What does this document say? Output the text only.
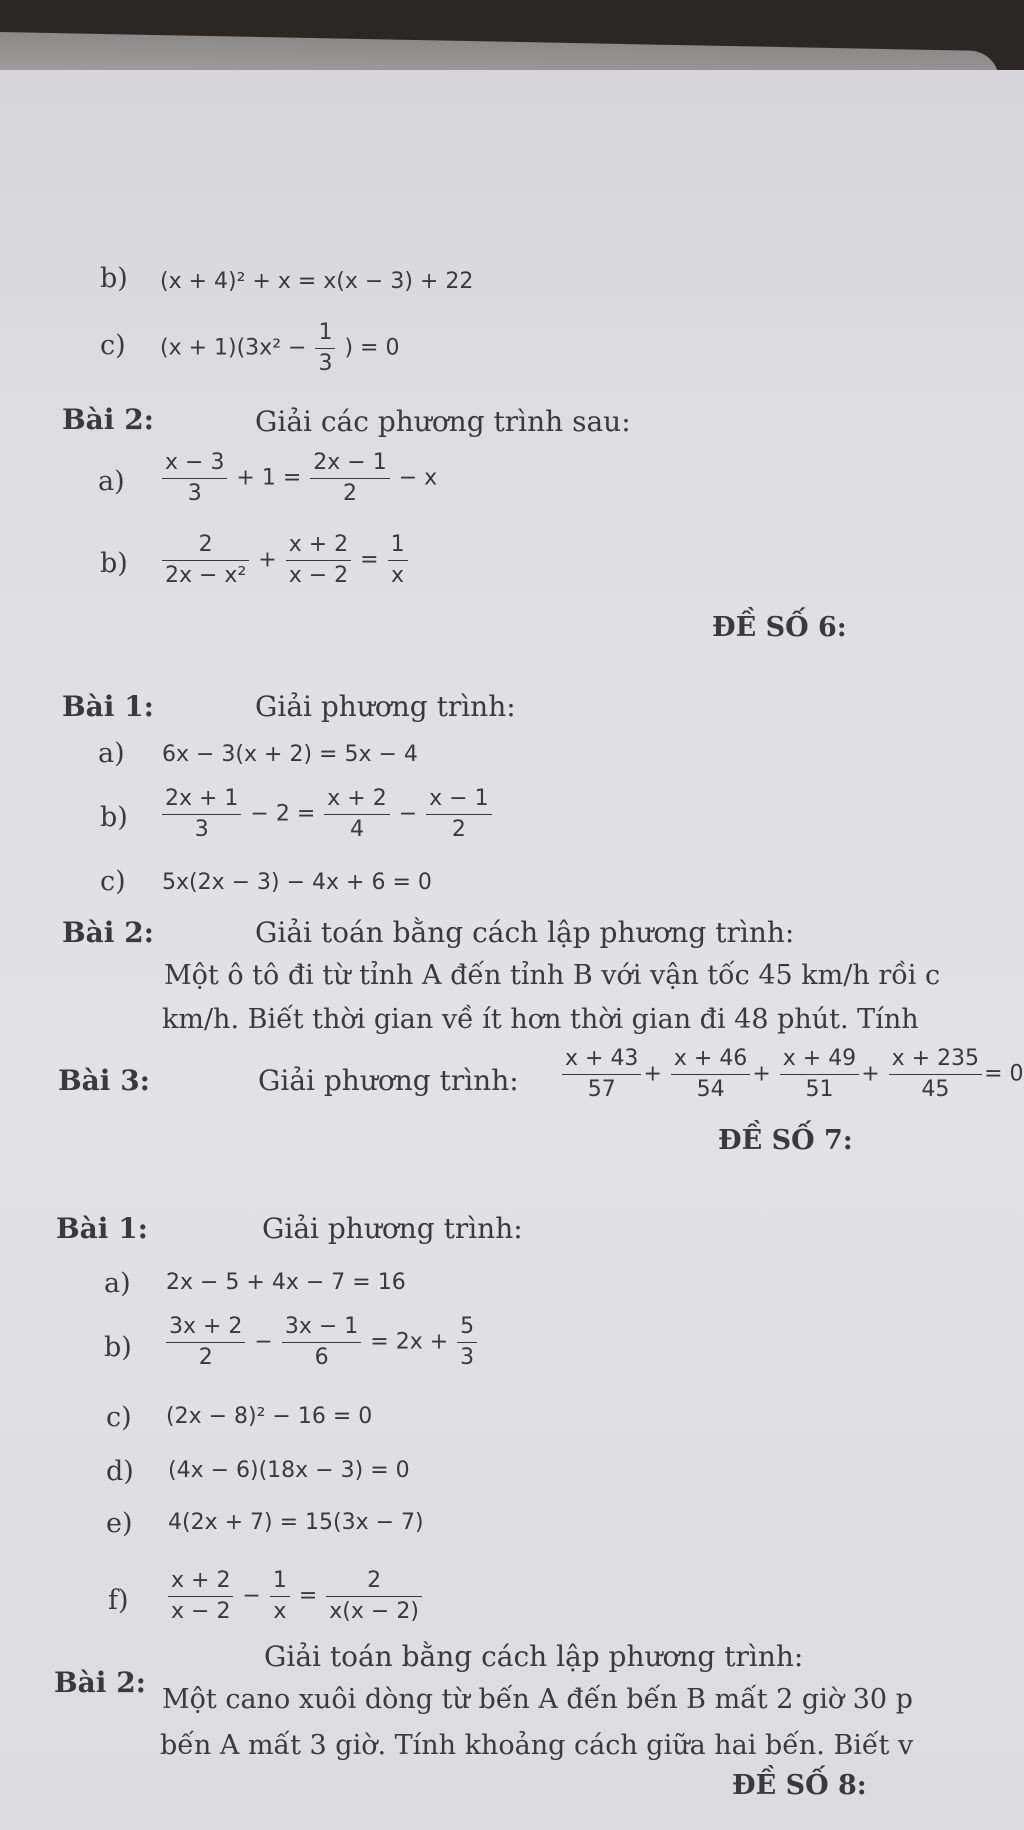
b) (x + 4)² + x = x(x − 3) + 22
c) $(x + 1)(3x^2 - \frac{1}{3}$ ) = 0
Bài 2:	Giải các phương trình sau:
$a) \frac{x - 3}{3} + 1 = \frac{2x - 1}{2} - x$
$b) \frac{2}{\text{2x − x²}} + \frac{x + 2}{x - 2} = \frac{1}{x}$
ĐỀ SỐ 6:
Bài 1:	Giải phương trình:
a) 6x − 3(x + 2) = 5x − 4
$b) \frac{2x + 1}{3} - 2 = \frac{x + 2}{4} - \frac{x - 1}{2}$
c) 5x(2x − 3) − 4x + 6 = 0
Bài 2:	Giải toán bằng cách lập phương trình:
Một ô tô đi từ tỉnh A đến tỉnh B với vận tốc 45 km/h rồi c
km/h. Biết thời gian về ít hơn thời gian đi 48 phút. Tính
Bài 3:	Giải phương trình: $\frac{x + 43}{57} + \frac{x + 46}{54} + \frac{x + 49}{51} + \frac{x + 235}{45} = 0$
ĐỀ SỐ 7:
Bài 1:	Giải phương trình:
a) 2x − 5 + 4x − 7 = 16
$b) \frac{3x + 2}{2} - \frac{3x - 1}{6} = 2x + \frac{5}{3}$
c) (2x − 8)² − 16 = 0
d) (4x − 6)(18x − 3) = 0
e) 4(2x + 7) = 15(3x − 7)
$f) \frac{x + 2}{x - 2} - \frac{1}{x} = \frac{2}{x(x - 2)}$
Bài 2:
Giải toán bằng cách lập phương trình:
Một cano xuôi dòng từ bến A đến bến B mất 2 giờ 30 p
bến A mất 3 giờ. Tính khoảng cách giữa hai bến. Biết v
ĐỀ SỐ 8:
